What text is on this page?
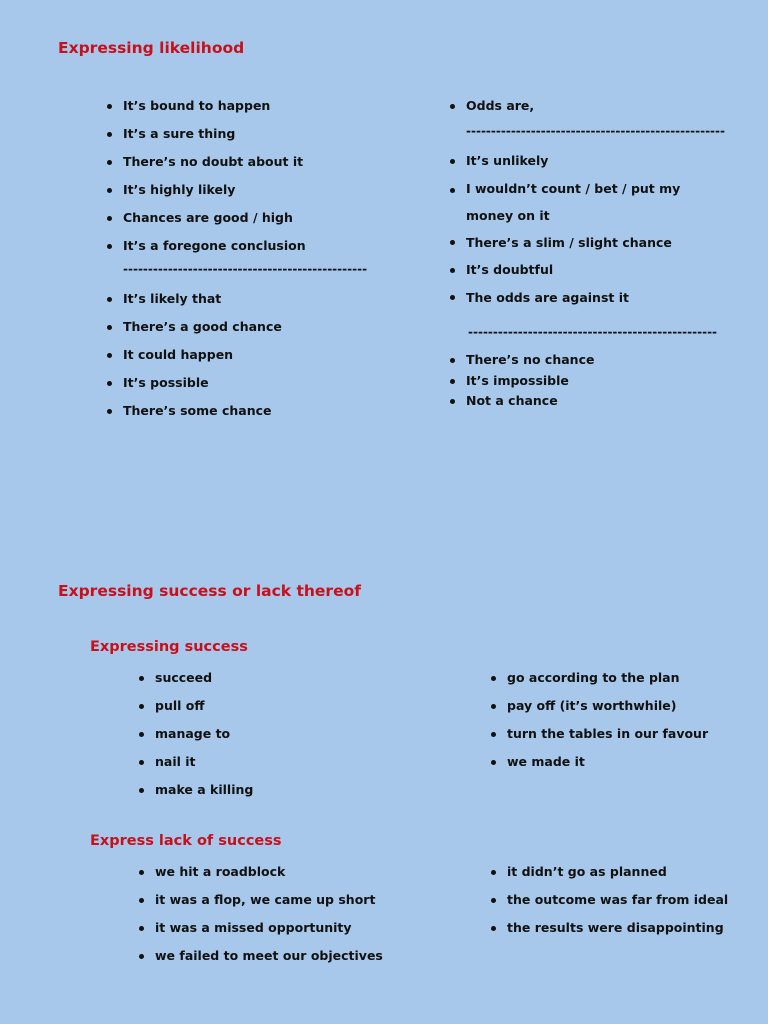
Expressing likelihood
It’s bound to happen
It’s a sure thing
There’s no doubt about it
It’s highly likely
Chances are good / high
It’s a foregone conclusion
-------------------------------------------------
It’s likely that
There’s a good chance
It could happen
It’s possible
There’s some chance
Odds are,
----------------------------------------------------
It’s unlikely
I wouldn’t count / bet / put my money on it
There’s a slim / slight chance
It’s doubtful
The odds are against it
--------------------------------------------------
There’s no chance
It’s impossible
Not a chance
Expressing success or lack thereof
Expressing success
succeed
pull off
manage to
nail it
make a killing
go according to the plan
pay off (it’s worthwhile)
turn the tables in our favour
we made it
Express lack of success
we hit a roadblock
it was a flop, we came up short
it was a missed opportunity
we failed to meet our objectives
it didn’t go as planned
the outcome was far from ideal
the results were disappointing
